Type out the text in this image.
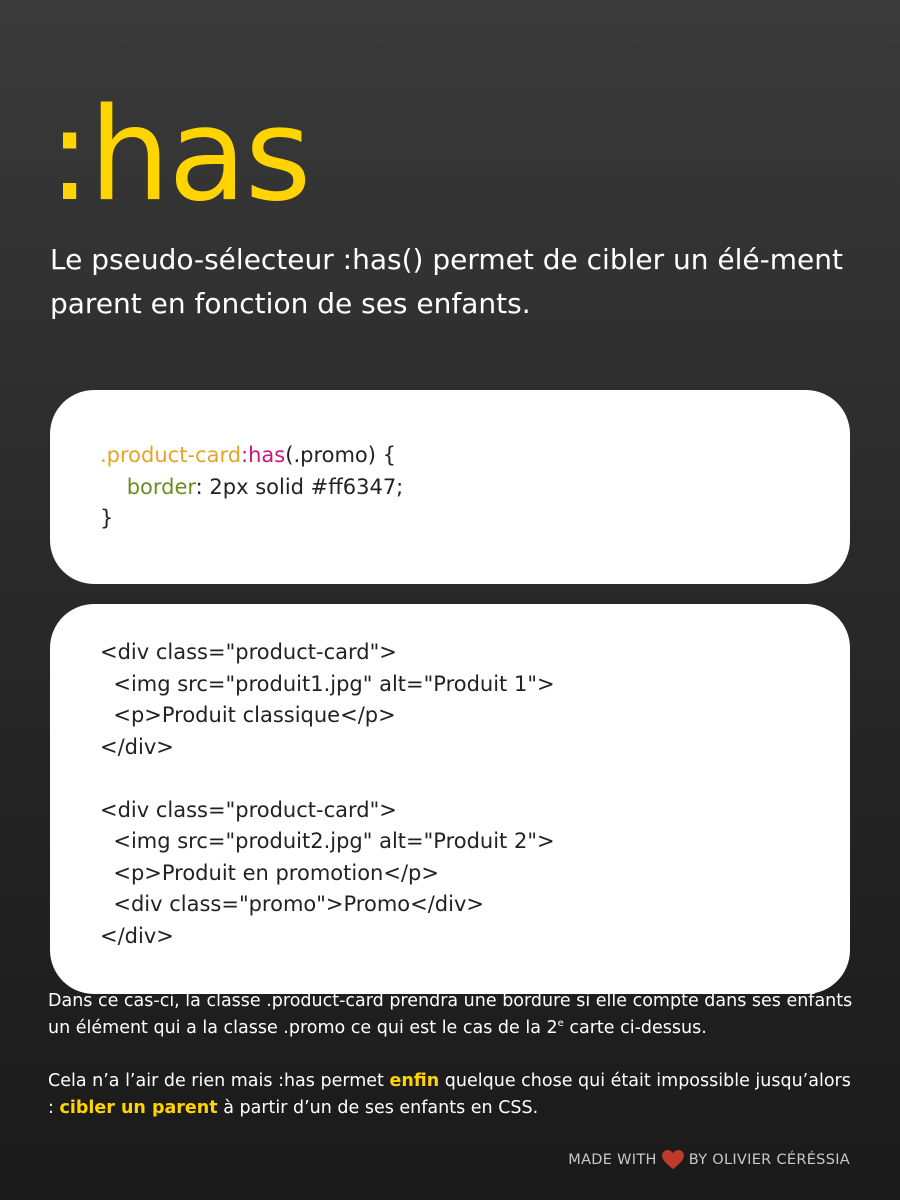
:has

Le pseudo-sélecteur :has() permet de cibler un élé-ment parent en fonction de ses enfants.

.product-card:has(.promo) {
border: 2px solid #ff6347;
}
<div class="product-card">
<img src="produit1.jpg" alt="Produit 1">
<p>Produit classique</p>
</div>
<div class="product-card">
<img src="produit2.jpg" alt="Produit 2">
<p>Produit en promotion</p>
<div class="promo">Promo</div>
</div>

Dans ce cas-ci, la classe .product-card prendra une bordure si elle compte dans ses enfants un élément qui a la classe .promo ce qui est le cas de la 2e carte ci-dessus.

Cela n’a l’air de rien mais :has permet enfin quelque chose qui était impossible jusqu’alors : cibler un parent à partir d’un de ses enfants en CSS.

MADE WITH BY OLIVIER CÉRÉSSIA
